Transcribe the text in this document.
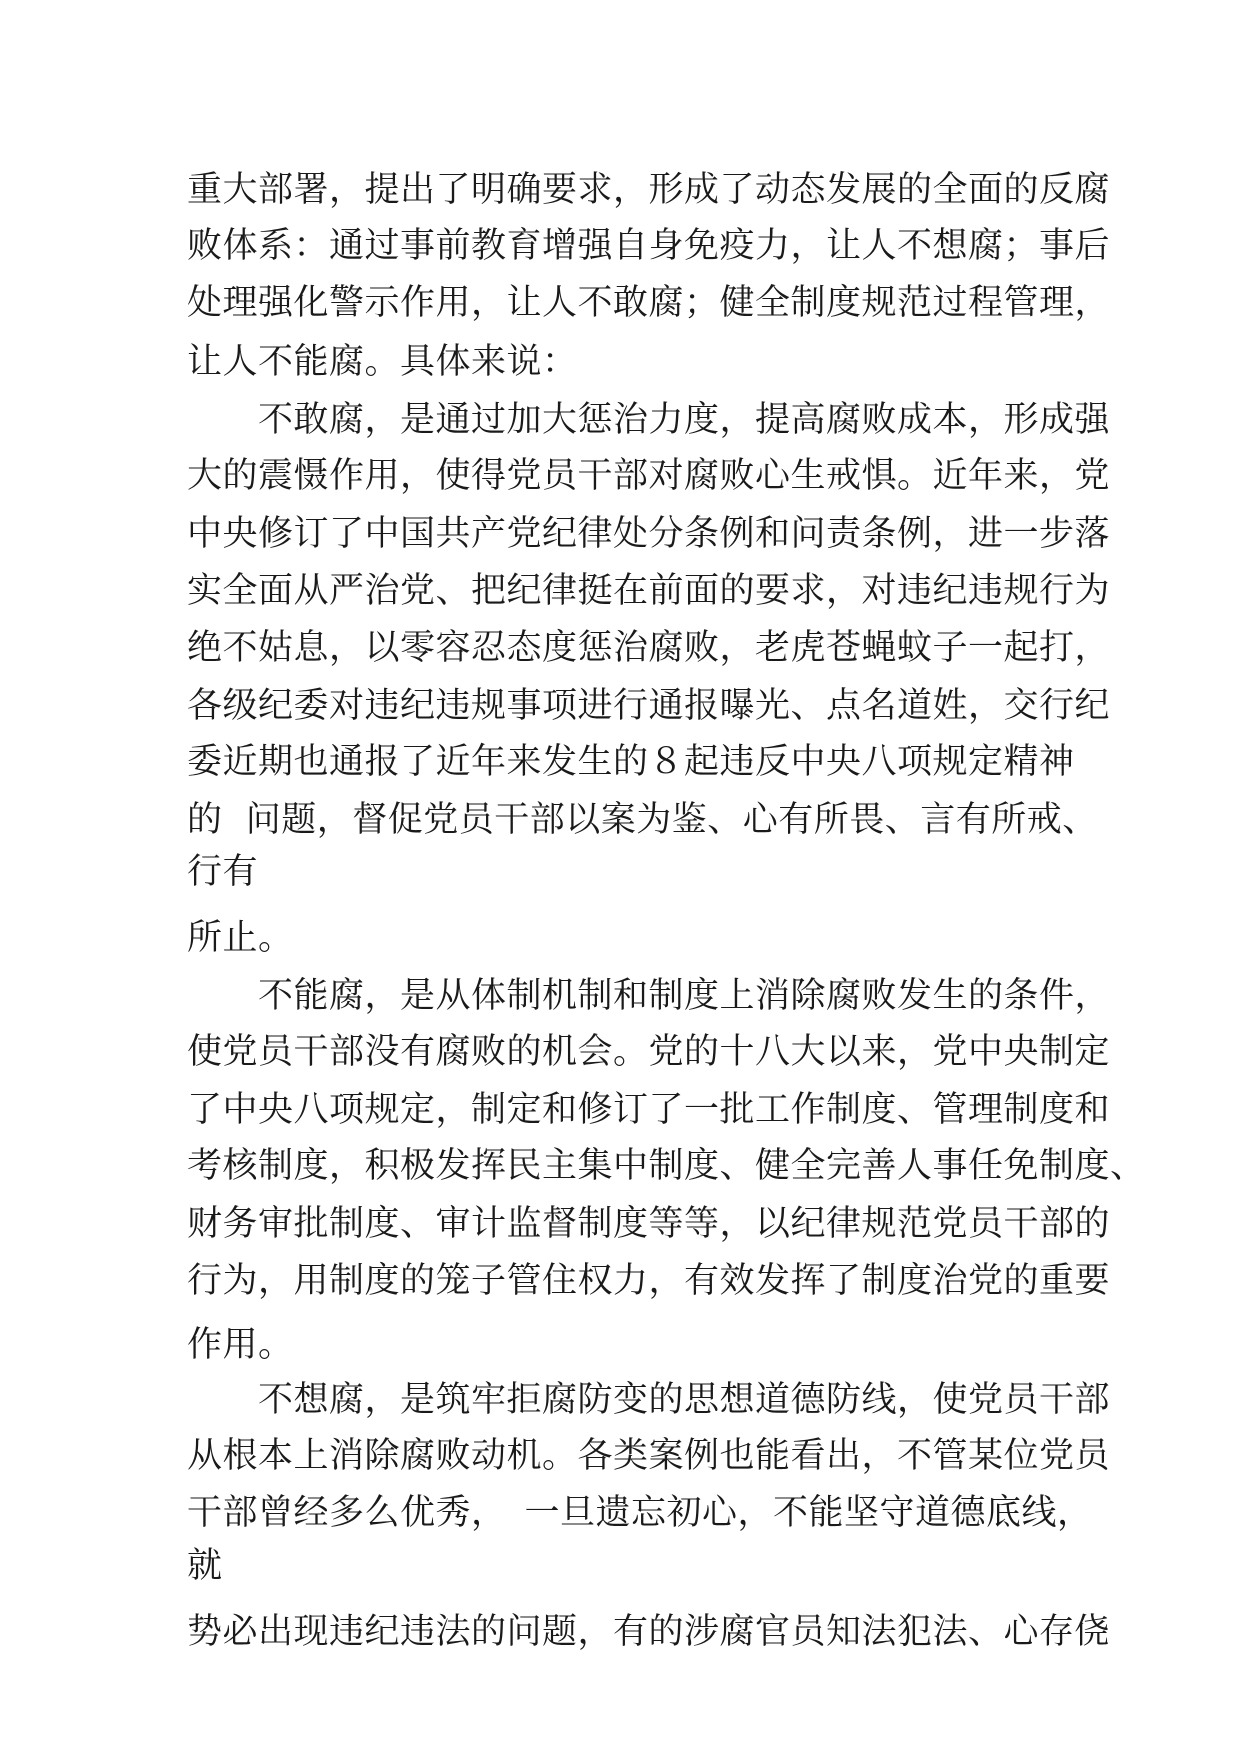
重大部署，提出了明确要求，形成了动态发展的全面的反腐
败体系：通过事前教育增强自身免疫力，让人不想腐；事后
处理强化警示作用，让人不敢腐；健全制度规范过程管理，
让人不能腐。具体来说：
不敢腐，是通过加大惩治力度，提高腐败成本，形成强
大的震慑作用，使得党员干部对腐败心生戒惧。近年来，党
中央修订了中国共产党纪律处分条例和问责条例，进一步落
实全面从严治党、把纪律挺在前面的要求，对违纪违规行为
绝不姑息，以零容忍态度惩治腐败，老虎苍蝇蚊子一起打，
各级纪委对违纪违规事项进行通报曝光、点名道姓，交行纪
委近期也通报了近年来发生的８起违反中央八项规定精神
的  问题，督促党员干部以案为鉴、心有所畏、言有所戒、
行有
所止。
不能腐，是从体制机制和制度上消除腐败发生的条件，
使党员干部没有腐败的机会。党的十八大以来，党中央制定
了中央八项规定，制定和修订了一批工作制度、管理制度和
考核制度，积极发挥民主集中制度、健全完善人事任免制度、
财务审批制度、审计监督制度等等，以纪律规范党员干部的
行为，用制度的笼子管住权力，有效发挥了制度治党的重要
作用。
不想腐，是筑牢拒腐防变的思想道德防线，使党员干部
从根本上消除腐败动机。各类案例也能看出，不管某位党员
干部曾经多么优秀，　一旦遗忘初心，不能坚守道德底线，
就
势必出现违纪违法的问题，有的涉腐官员知法犯法、心存侥
